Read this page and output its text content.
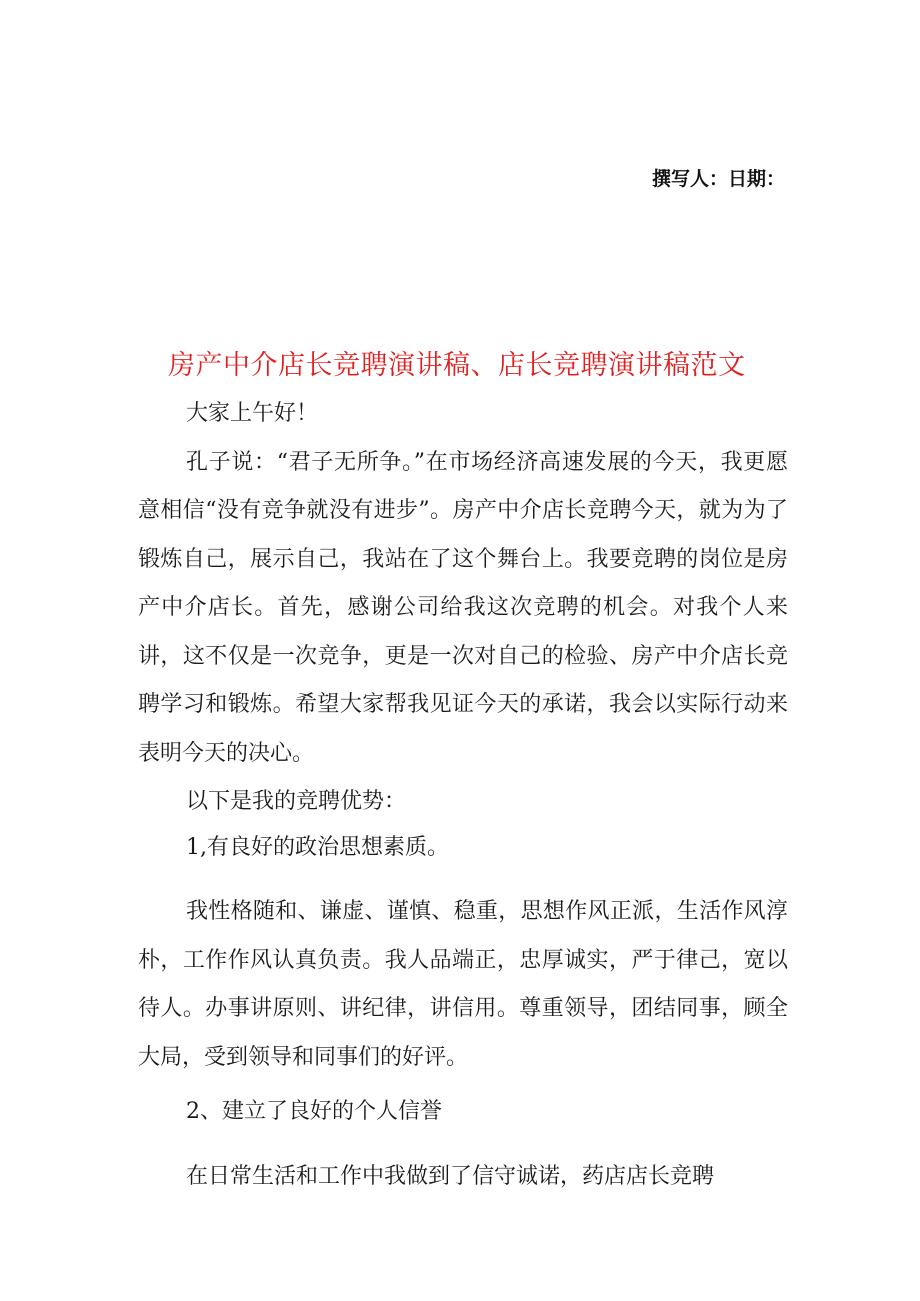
撰写人：日期：
房产中介店长竞聘演讲稿、店长竞聘演讲稿范文

大家上午好！

孔子说：“君子无所争。”在市场经济高速发展的今天，我更愿意相信“没有竞争就没有进步”。房产中介店长竞聘今天，就为为了锻炼自己，展示自己，我站在了这个舞台上。我要竞聘的岗位是房产中介店长。首先，感谢公司给我这次竞聘的机会。对我个人来讲，这不仅是一次竞争，更是一次对自己的检验、房产中介店长竞聘学习和锻炼。希望大家帮我见证今天的承诺，我会以实际行动来表明今天的决心。

以下是我的竞聘优势：

1,有良好的政治思想素质。

我性格随和、谦虚、谨慎、稳重，思想作风正派，生活作风淳朴，工作作风认真负责。我人品端正，忠厚诚实，严于律己，宽以待人。办事讲原则、讲纪律，讲信用。尊重领导，团结同事，顾全大局，受到领导和同事们的好评。

2、建立了良好的个人信誉

在日常生活和工作中我做到了信守诚诺，药店店长竞聘
